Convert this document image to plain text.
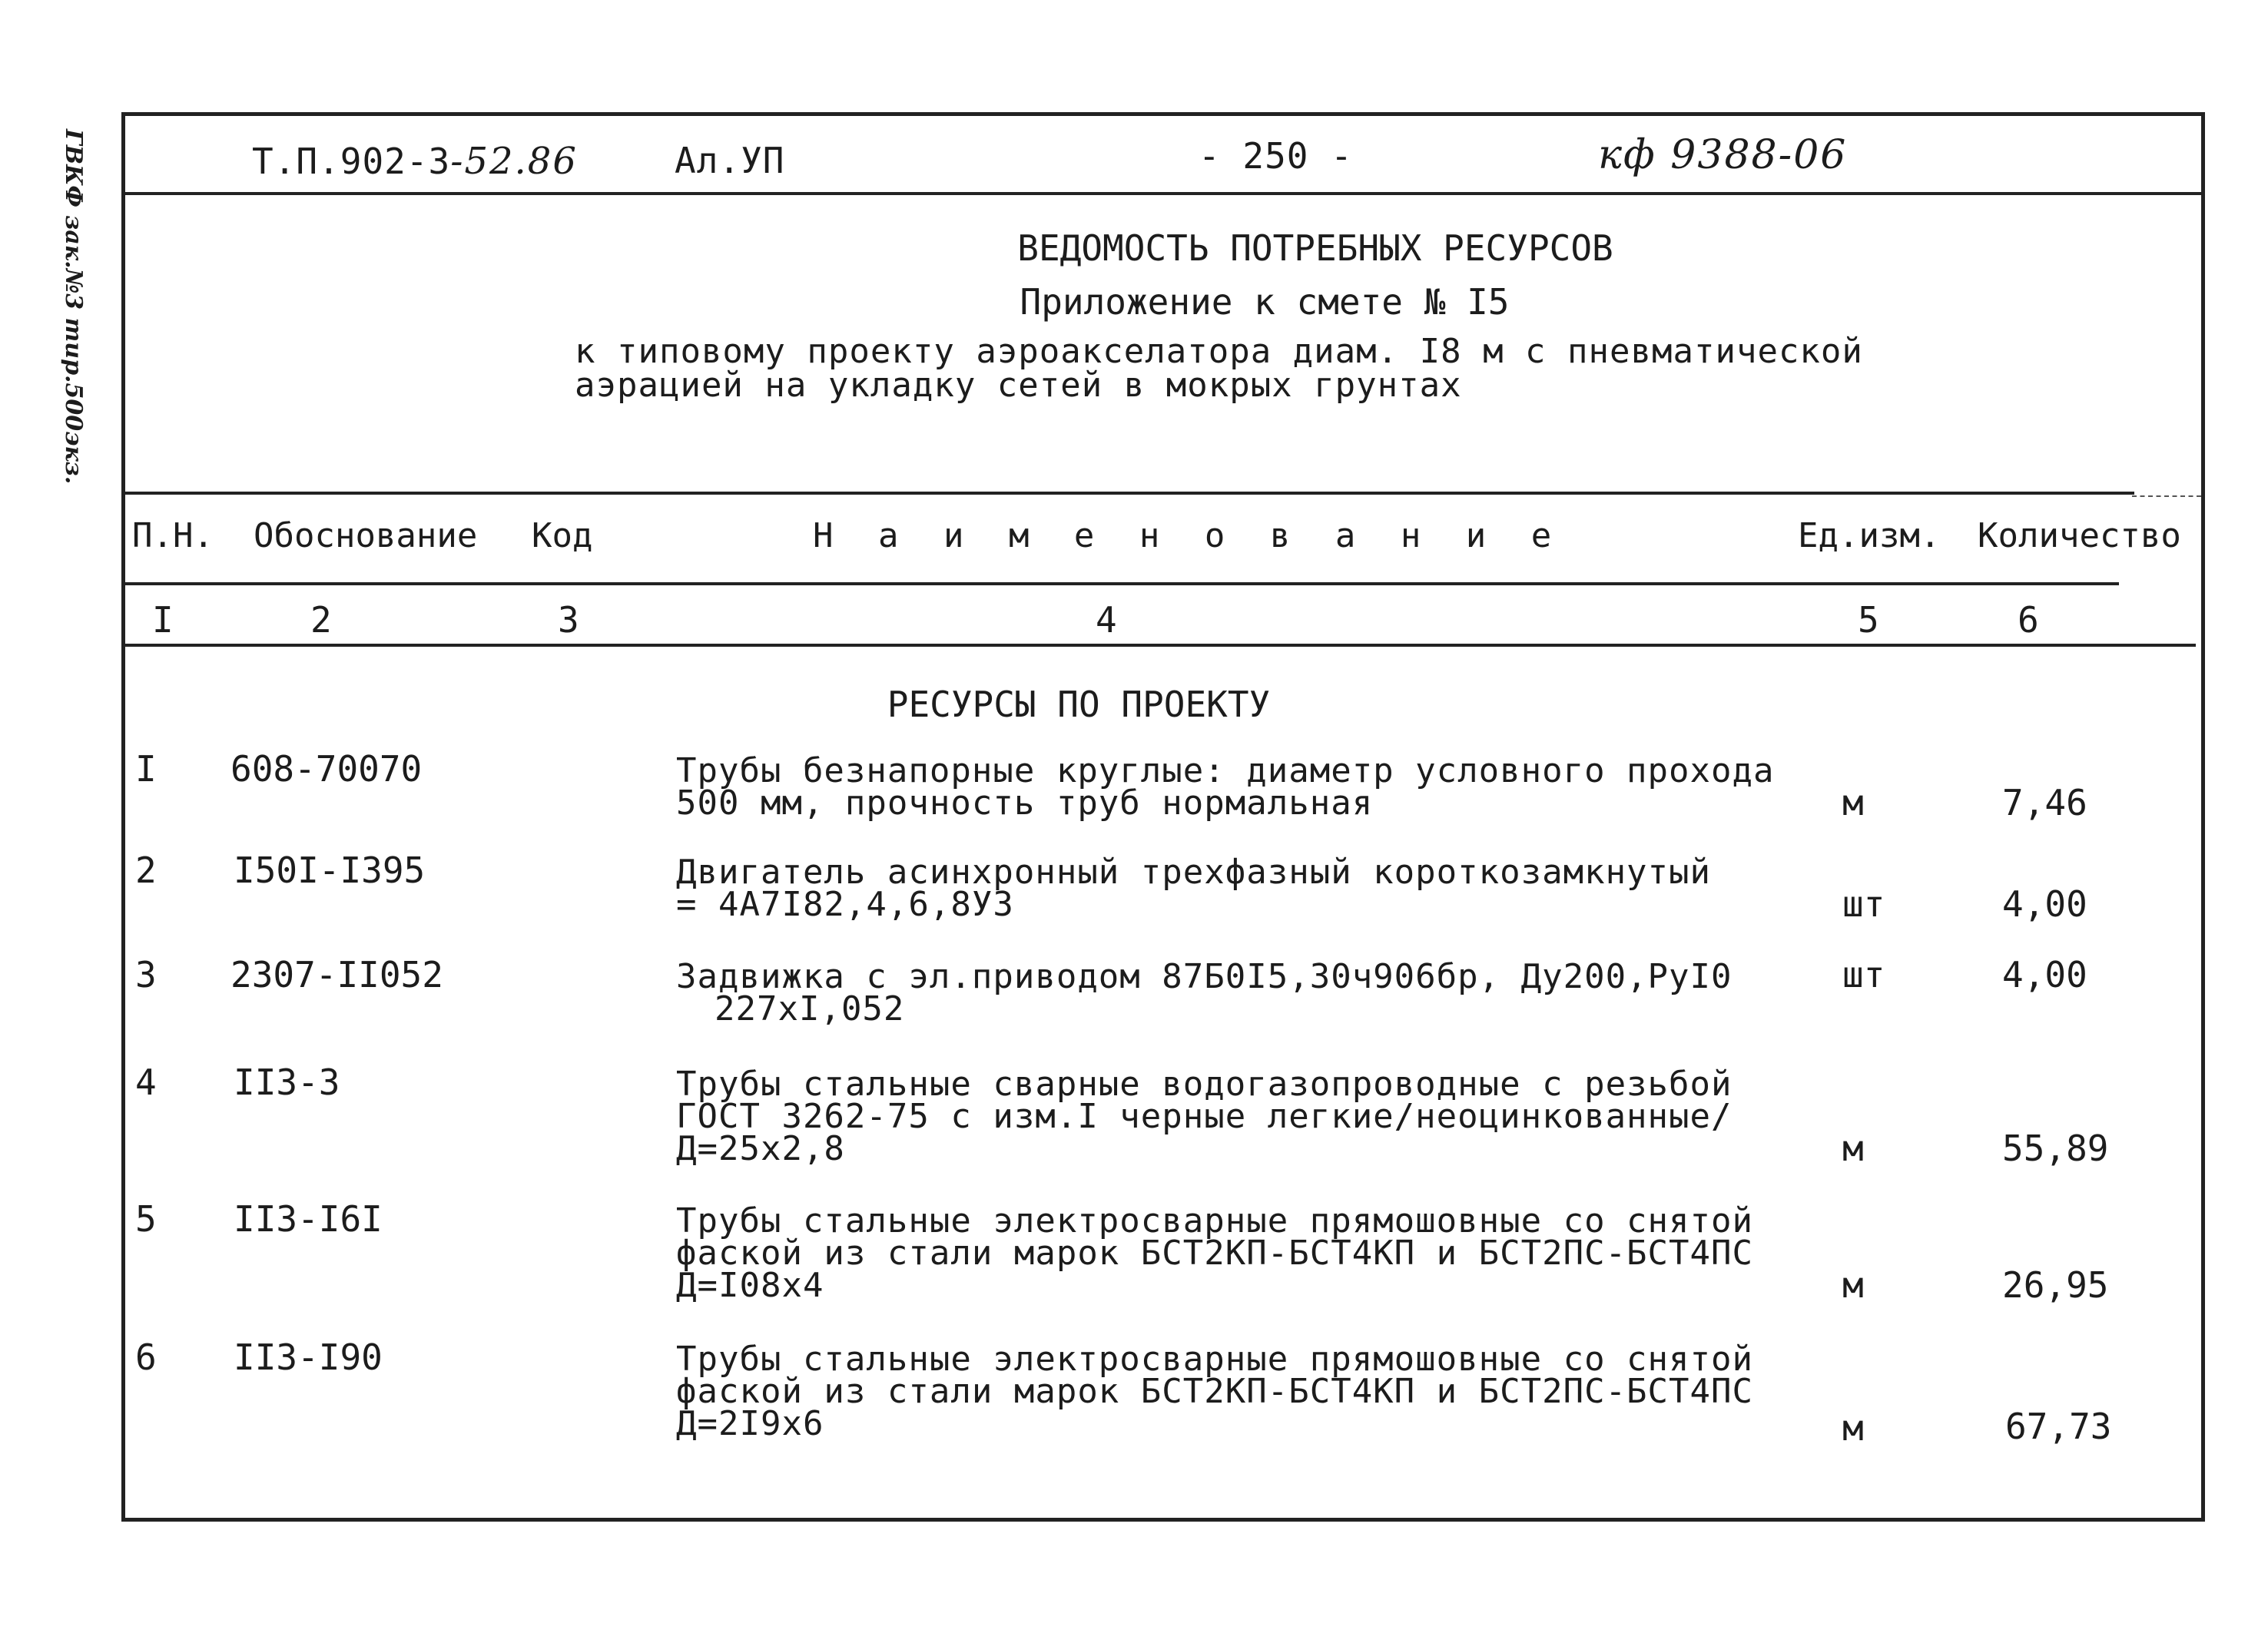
ГВКФ зак.№3 тир.500экз.	Т.П.902-3-52.86	Ал.УП	- 250 -	кф 9388-06
ВЕДОМОСТЬ ПОТРЕБНЫХ РЕСУРСОВ
Приложение к смете № I5
к типовому проекту аэроакселатора диам. I8 м с пневматической
аэрацией на укладку сетей в мокрых грунтах
П.Н. Обоснование Код	Н а и м е н о в а н и е	Ед.изм. Количество
I	2	3	4	5	6
РЕСУРСЫ ПО ПРОЕКТУ
I 608-70070	Трубы безнапорные круглые: диаметр условного прохода
500 мм, прочность труб нормальная	м	7,46
2 I50I-I395	Двигатель асинхронный трехфазный короткозамкнутый
= 4А7I82,4,6,8У3	шт	4,00
3 2307-II052	Задвижка с эл.приводом 87Б0I5,30ч906бр, Ду200,РуI0
227хI,052
шт	4,00
4 II3-3	Трубы стальные сварные водогазопроводные с резьбой
ГОСТ 3262-75 с изм.I черные легкие/неоцинкованные/
Д=25х2,8	м	55,89
5 II3-I6I	Трубы стальные электросварные прямошовные со снятой
фаской из стали марок БСТ2КП-БСТ4КП и БСТ2ПС-БСТ4ПС
Д=I08х4	м	26,95
6 II3-I90	Трубы стальные электросварные прямошовные со снятой
фаской из стали марок БСТ2КП-БСТ4КП и БСТ2ПС-БСТ4ПС
Д=2I9х6	м	67,73
